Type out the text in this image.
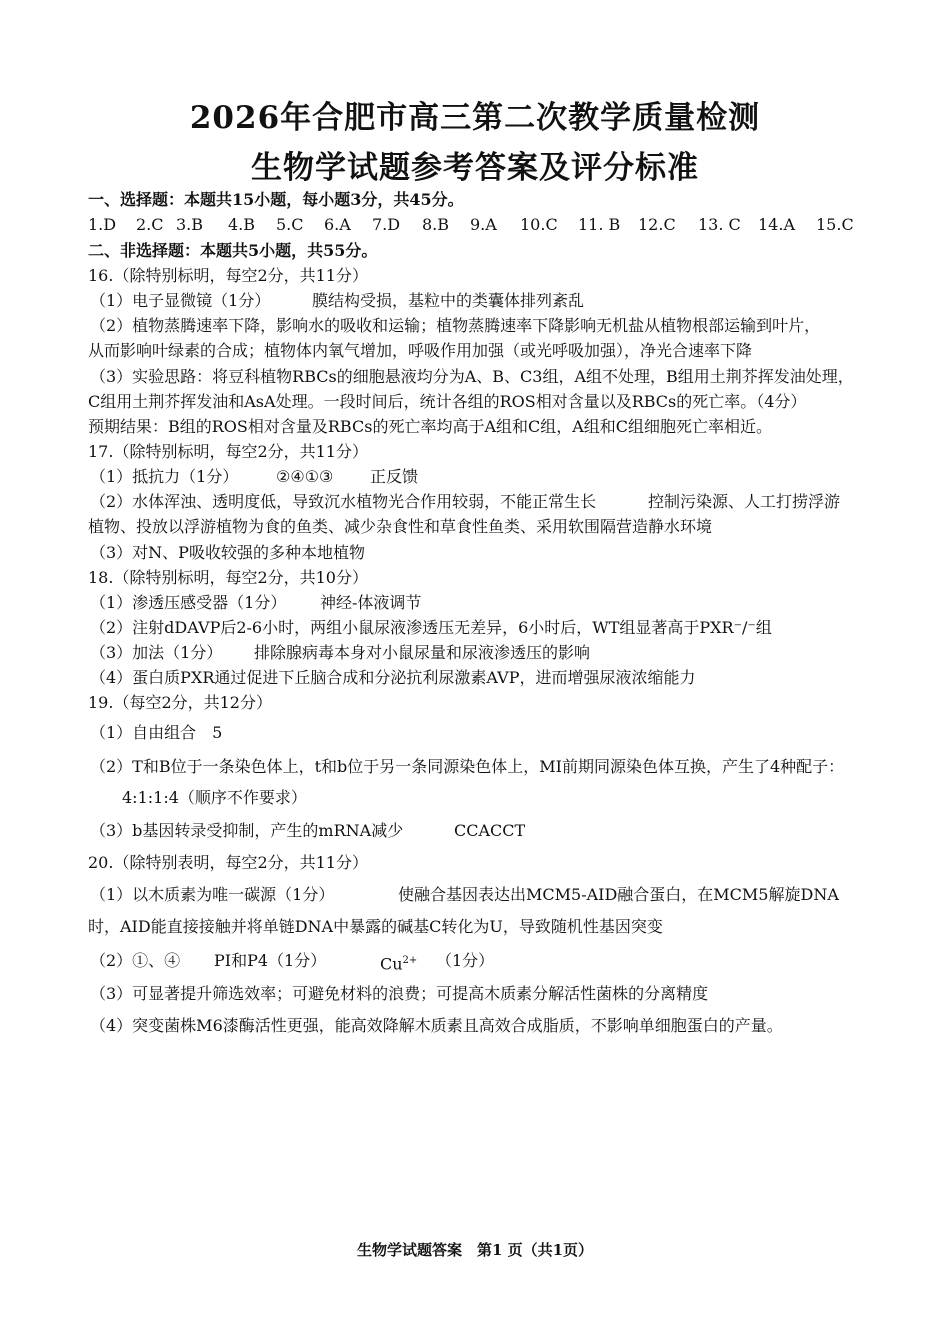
2026年合肥市高三第二次教学质量检测
生物学试题参考答案及评分标准
一、选择题：本题共15小题，每小题3分，共45分。
1.D 2.C 3.B 4.B 5.C 6.A 7.D 8.B 9.A 10.C 11. B 12.C 13. C 14.A 15.C
二、非选择题：本题共5小题，共55分。
16.（除特别标明，每空2分，共11分）
（1）电子显微镜（1分）	膜结构受损，基粒中的类囊体排列紊乱
（2）植物蒸腾速率下降，影响水的吸收和运输；植物蒸腾速率下降影响无机盐从植物根部运输到叶片，
从而影响叶绿素的合成；植物体内氧气增加，呼吸作用加强（或光呼吸加强），净光合速率下降
（3）实验思路：将豆科植物RBCs的细胞悬液均分为A、B、C3组，A组不处理，B组用土荆芥挥发油处理，
C组用土荆芥挥发油和AsA处理。一段时间后，统计各组的ROS相对含量以及RBCs的死亡率。（4分）
预期结果：B组的ROS相对含量及RBCs的死亡率均高于A组和C组，A组和C组细胞死亡率相近。
17.（除特别标明，每空2分，共11分）
（1）抵抗力（1分） ②④①③ 正反馈
（2）水体浑浊、透明度低，导致沉水植物光合作用较弱，不能正常生长	控制污染源、人工打捞浮游
植物、投放以浮游植物为食的鱼类、减少杂食性和草食性鱼类、采用软围隔营造静水环境
（3）对N、P吸收较强的多种本地植物
18.（除特别标明，每空2分，共10分）
（1）渗透压感受器（1分） 神经-体液调节
（2）注射dDAVP后2-6小时，两组小鼠尿液渗透压无差异，6小时后，WT组显著高于PXR⁻/⁻组
（3）加法（1分） 排除腺病毒本身对小鼠尿量和尿液渗透压的影响
（4）蛋白质PXR通过促进下丘脑合成和分泌抗利尿激素AVP，进而增强尿液浓缩能力
19.（每空2分，共12分）
（1）自由组合　5
（2）T和B位于一条染色体上，t和b位于另一条同源染色体上，MI前期同源染色体互换，产生了4种配子：
4:1:1:4（顺序不作要求）
（3）b基因转录受抑制，产生的mRNA减少	CCACCT
20.（除特别表明，每空2分，共11分）
（1）以木质素为唯一碳源（1分）	使融合基因表达出MCM5-AID融合蛋白，在MCM5解旋DNA
时，AID能直接接触并将单链DNA中暴露的碱基C转化为U，导致随机性基因突变
（2）①、④ PI和P4（1分）	$Cu^{2+}$ （1分）
（3）可显著提升筛选效率；可避免材料的浪费；可提高木质素分解活性菌株的分离精度
（4）突变菌株M6漆酶活性更强，能高效降解木质素且高效合成脂质，不影响单细胞蛋白的产量。
生物学试题答案　第1 页（共1页）
